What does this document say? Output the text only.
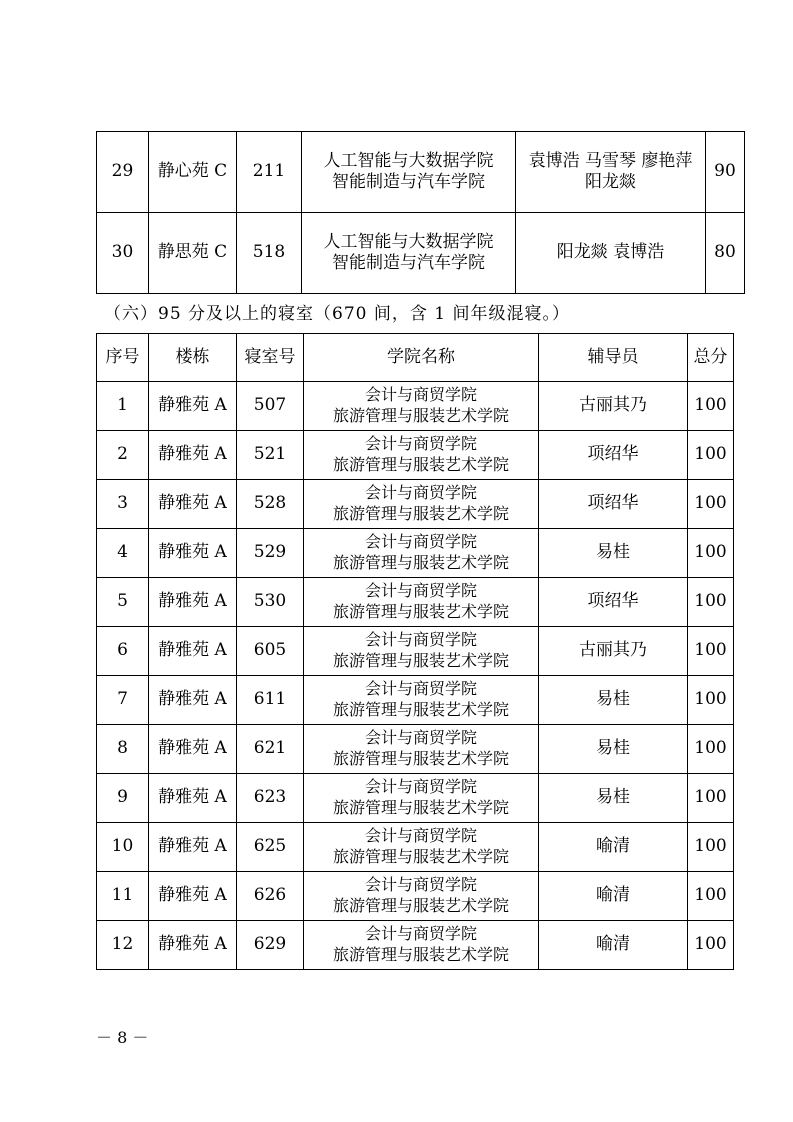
29	静心苑 C	211	人工智能与大数据学院
智能制造与汽车学院	袁博浩 马雪琴 廖艳萍
阳龙燚	90
30	静思苑 C	518	人工智能与大数据学院
智能制造与汽车学院	阳龙燚 袁博浩	80
（六）95 分及以上的寝室（670 间，含 1 间年级混寝。）
序号	楼栋	寝室号	学院名称	辅导员	总分
1	静雅苑 A	507	会计与商贸学院
旅游管理与服装艺术学院	古丽其乃	100
2	静雅苑 A	521	会计与商贸学院
旅游管理与服装艺术学院	项绍华	100
3	静雅苑 A	528	会计与商贸学院
旅游管理与服装艺术学院	项绍华	100
4	静雅苑 A	529	会计与商贸学院
旅游管理与服装艺术学院	易桂	100
5	静雅苑 A	530	会计与商贸学院
旅游管理与服装艺术学院	项绍华	100
6	静雅苑 A	605	会计与商贸学院
旅游管理与服装艺术学院	古丽其乃	100
7	静雅苑 A	611	会计与商贸学院
旅游管理与服装艺术学院	易桂	100
8	静雅苑 A	621	会计与商贸学院
旅游管理与服装艺术学院	易桂	100
9	静雅苑 A	623	会计与商贸学院
旅游管理与服装艺术学院	易桂	100
10	静雅苑 A	625	会计与商贸学院
旅游管理与服装艺术学院	喻清	100
11	静雅苑 A	626	会计与商贸学院
旅游管理与服装艺术学院	喻清	100
12	静雅苑 A	629	会计与商贸学院
旅游管理与服装艺术学院	喻清	100
－ 8 －
